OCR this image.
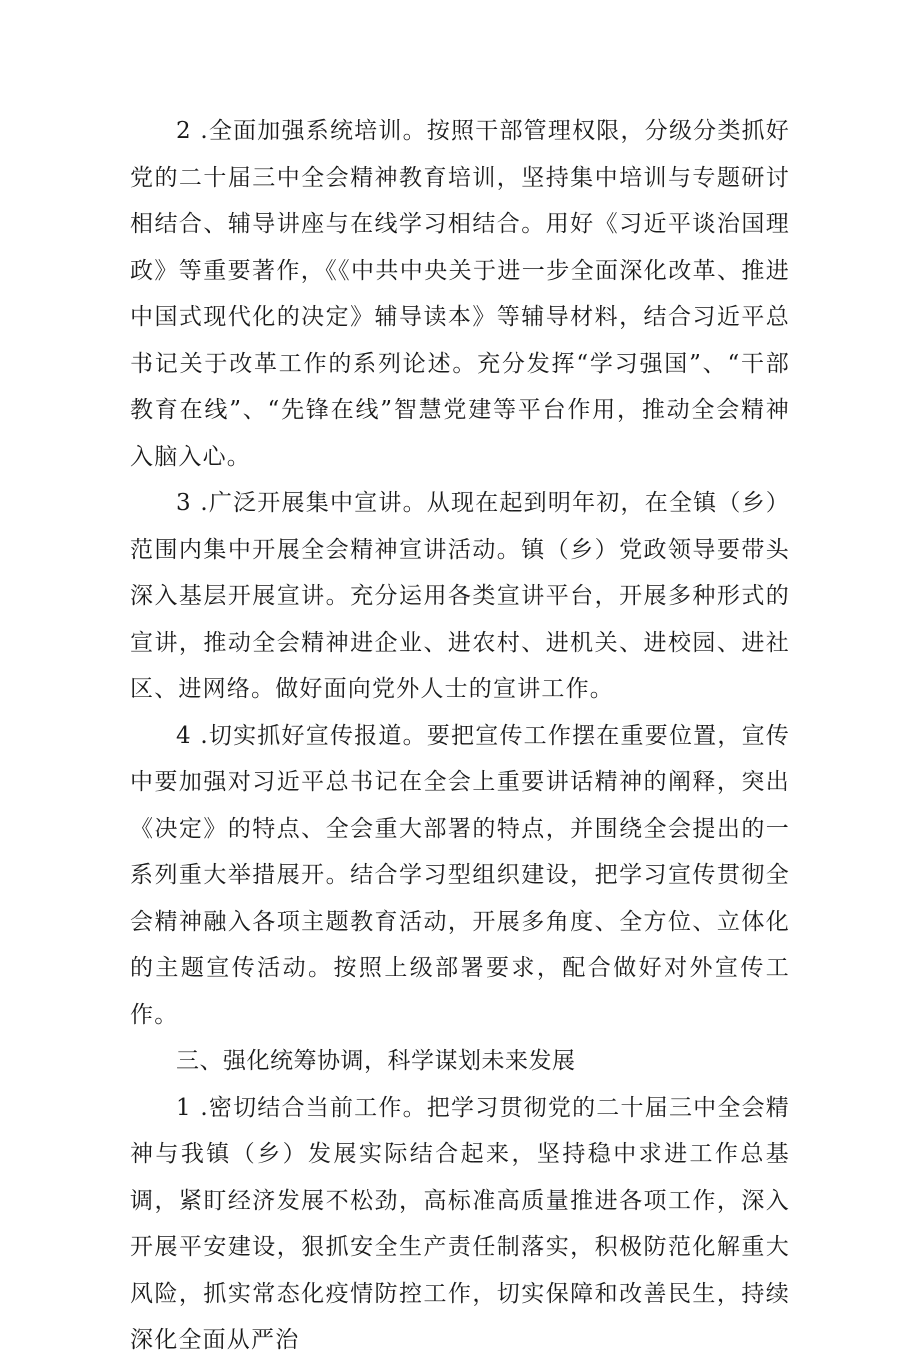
2 .全面加强系统培训。按照干部管理权限，分级分类抓好党的二十届三中全会精神教育培训，坚持集中培训与专题研讨相结合、辅导讲座与在线学习相结合。用好《习近平谈治国理政》等重要著作，《《中共中央关于进一步全面深化改革、推进中国式现代化的决定》辅导读本》等辅导材料，结合习近平总书记关于改革工作的系列论述。充分发挥“学习强国”、“干部教育在线”、“先锋在线”智慧党建等平台作用，推动全会精神入脑入心。

3 .广泛开展集中宣讲。从现在起到明年初，在全镇（乡）范围内集中开展全会精神宣讲活动。镇（乡）党政领导要带头深入基层开展宣讲。充分运用各类宣讲平台，开展多种形式的宣讲，推动全会精神进企业、进农村、进机关、进校园、进社区、进网络。做好面向党外人士的宣讲工作。

4 .切实抓好宣传报道。要把宣传工作摆在重要位置，宣传中要加强对习近平总书记在全会上重要讲话精神的阐释，突出《决定》的特点、全会重大部署的特点，并围绕全会提出的一系列重大举措展开。结合学习型组织建设，把学习宣传贯彻全会精神融入各项主题教育活动，开展多角度、全方位、立体化的主题宣传活动。按照上级部署要求，配合做好对外宣传工作。

三、强化统筹协调，科学谋划未来发展

1 .密切结合当前工作。把学习贯彻党的二十届三中全会精神与我镇（乡）发展实际结合起来，坚持稳中求进工作总基调，紧盯经济发展不松劲，高标准高质量推进各项工作，深入开展平安建设，狠抓安全生产责任制落实，积极防范化解重大风险，抓实常态化疫情防控工作，切实保障和改善民生，持续深化全面从严治
